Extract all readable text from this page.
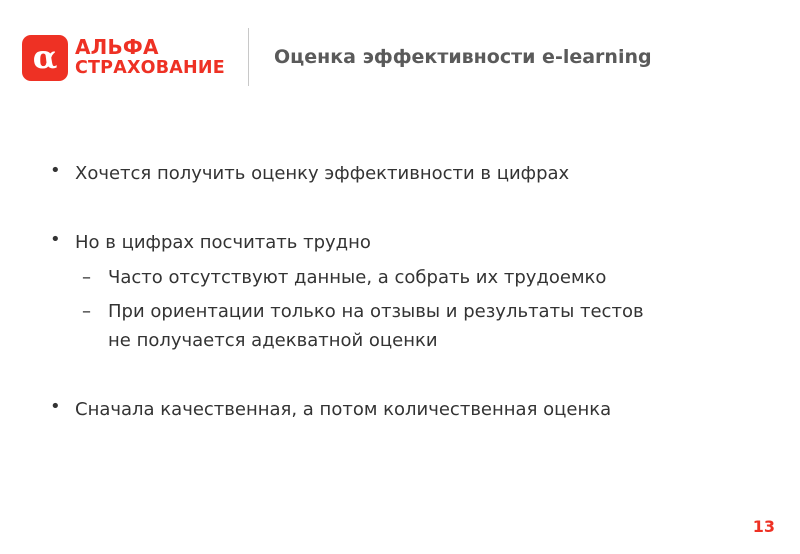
α АЛЬФА
СТРАХОВАНИЕ	Оценка эффективности e-learning
• Хочется получить оценку эффективности в цифрах
• Но в цифрах посчитать трудно
– Часто отсутствуют данные, а собрать их трудоемко
– При ориентации только на отзывы и результаты тестов
не получается адекватной оценки
• Сначала качественная, а потом количественная оценка
13
